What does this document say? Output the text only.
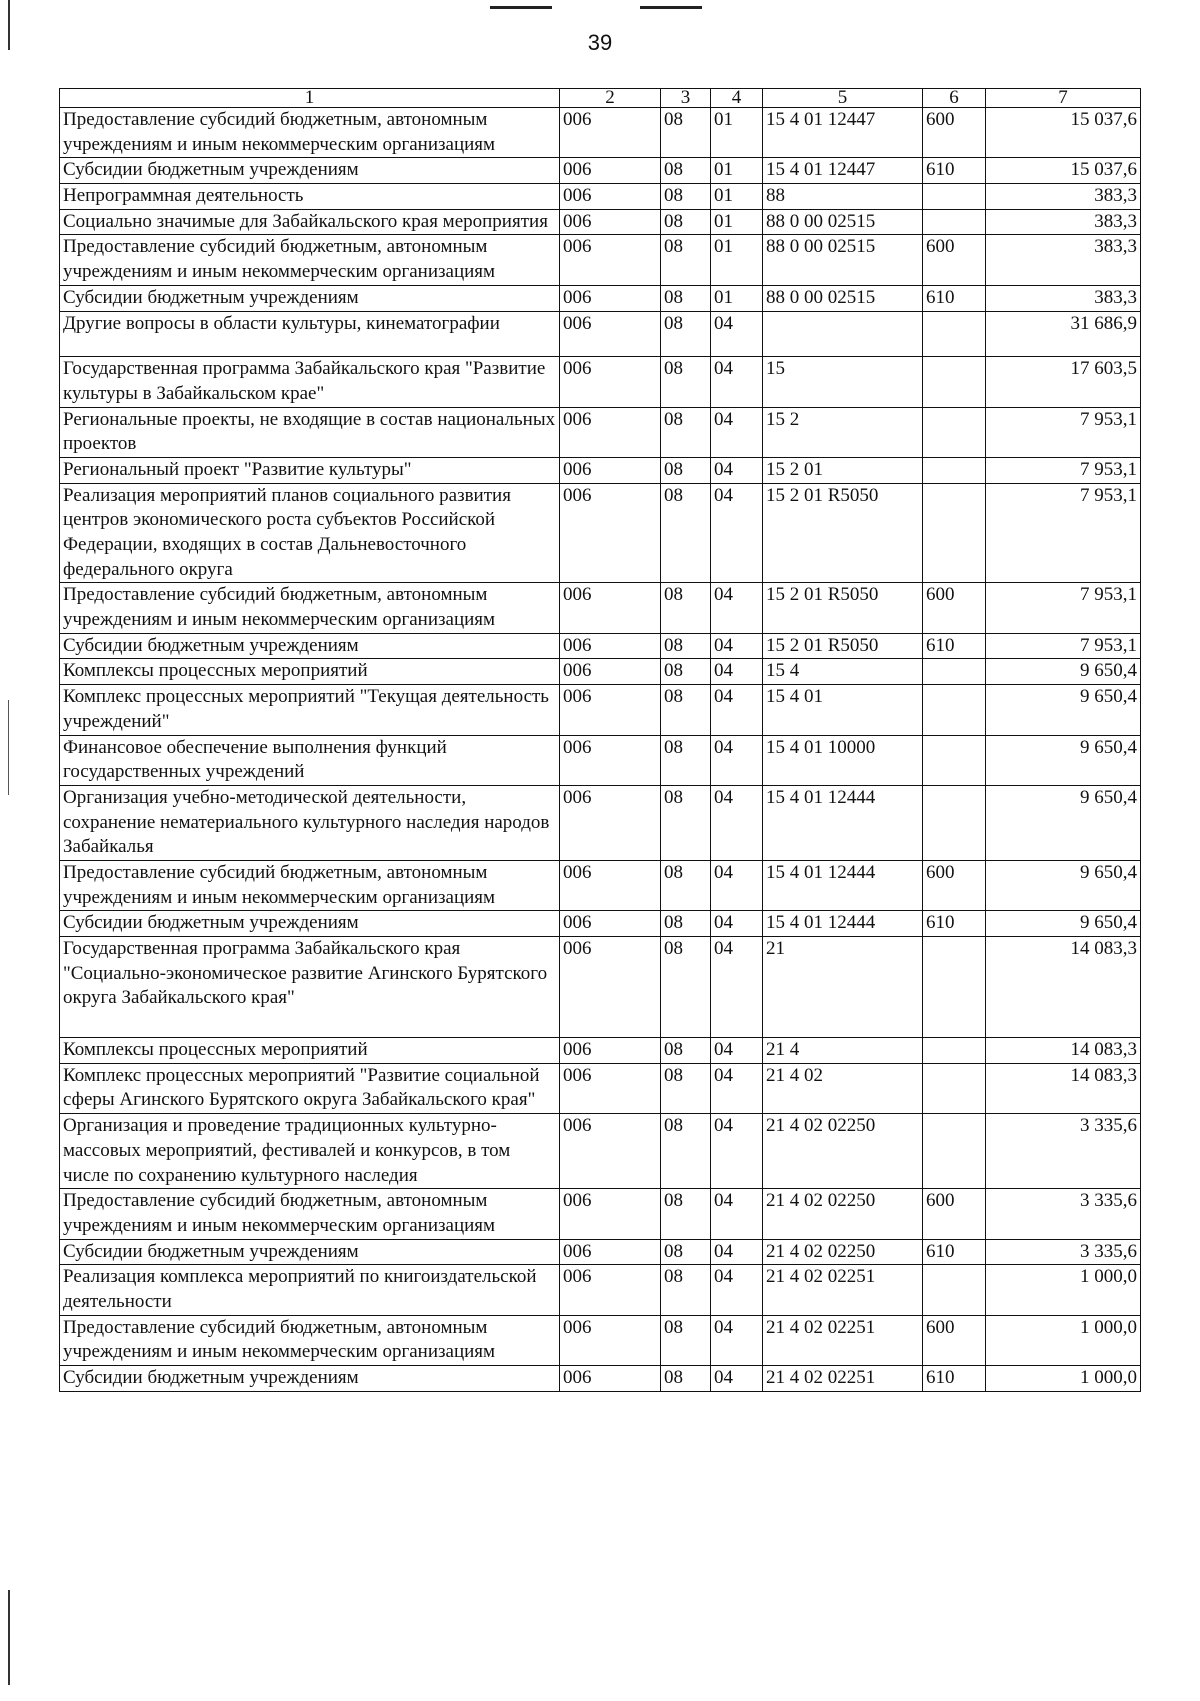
39
1	2	3	4	5	6	7
Предоставление субсидий бюджетным, автономным учреждениям и иным некоммерческим организациям	006	08	01	15 4 01 12447	600	15 037,6
Субсидии бюджетным учреждениям	006	08	01	15 4 01 12447	610	15 037,6
Непрограммная деятельность	006	08	01	88		383,3
Социально значимые для Забайкальского края мероприятия	006	08	01	88 0 00 02515		383,3
Предоставление субсидий бюджетным, автономным учреждениям и иным некоммерческим организациям	006	08	01	88 0 00 02515	600	383,3
Субсидии бюджетным учреждениям	006	08	01	88 0 00 02515	610	383,3
Другие вопросы в области культуры, кинематографии	006	08	04			31 686,9
Государственная программа Забайкальского края "Развитие культуры в Забайкальском крае"	006	08	04	15		17 603,5
Региональные проекты, не входящие в состав национальных проектов	006	08	04	15 2		7 953,1
Региональный проект "Развитие культуры"	006	08	04	15 2 01		7 953,1
Реализация мероприятий планов социального развития центров экономического роста субъектов Российской Федерации, входящих в состав Дальневосточного федерального округа	006	08	04	15 2 01 R5050		7 953,1
Предоставление субсидий бюджетным, автономным учреждениям и иным некоммерческим организациям	006	08	04	15 2 01 R5050	600	7 953,1
Субсидии бюджетным учреждениям	006	08	04	15 2 01 R5050	610	7 953,1
Комплексы процессных мероприятий	006	08	04	15 4		9 650,4
Комплекс процессных мероприятий "Текущая деятельность учреждений"	006	08	04	15 4 01		9 650,4
Финансовое обеспечение выполнения функций государственных учреждений	006	08	04	15 4 01 10000		9 650,4
Организация учебно-методической деятельности, сохранение нематериального культурного наследия народов Забайкалья	006	08	04	15 4 01 12444		9 650,4
Предоставление субсидий бюджетным, автономным учреждениям и иным некоммерческим организациям	006	08	04	15 4 01 12444	600	9 650,4
Субсидии бюджетным учреждениям	006	08	04	15 4 01 12444	610	9 650,4
Государственная программа Забайкальского края "Социально-экономическое развитие Агинского Бурятского округа Забайкальского края"	006	08	04	21		14 083,3
Комплексы процессных мероприятий	006	08	04	21 4		14 083,3
Комплекс процессных мероприятий "Развитие социальной сферы Агинского Бурятского округа Забайкальского края"	006	08	04	21 4 02		14 083,3
Организация и проведение традиционных культурно-массовых мероприятий, фестивалей и конкурсов, в том числе по сохранению культурного наследия	006	08	04	21 4 02 02250		3 335,6
Предоставление субсидий бюджетным, автономным учреждениям и иным некоммерческим организациям	006	08	04	21 4 02 02250	600	3 335,6
Субсидии бюджетным учреждениям	006	08	04	21 4 02 02250	610	3 335,6
Реализация комплекса мероприятий по книгоиздательской деятельности	006	08	04	21 4 02 02251		1 000,0
Предоставление субсидий бюджетным, автономным учреждениям и иным некоммерческим организациям	006	08	04	21 4 02 02251	600	1 000,0
Субсидии бюджетным учреждениям	006	08	04	21 4 02 02251	610	1 000,0
